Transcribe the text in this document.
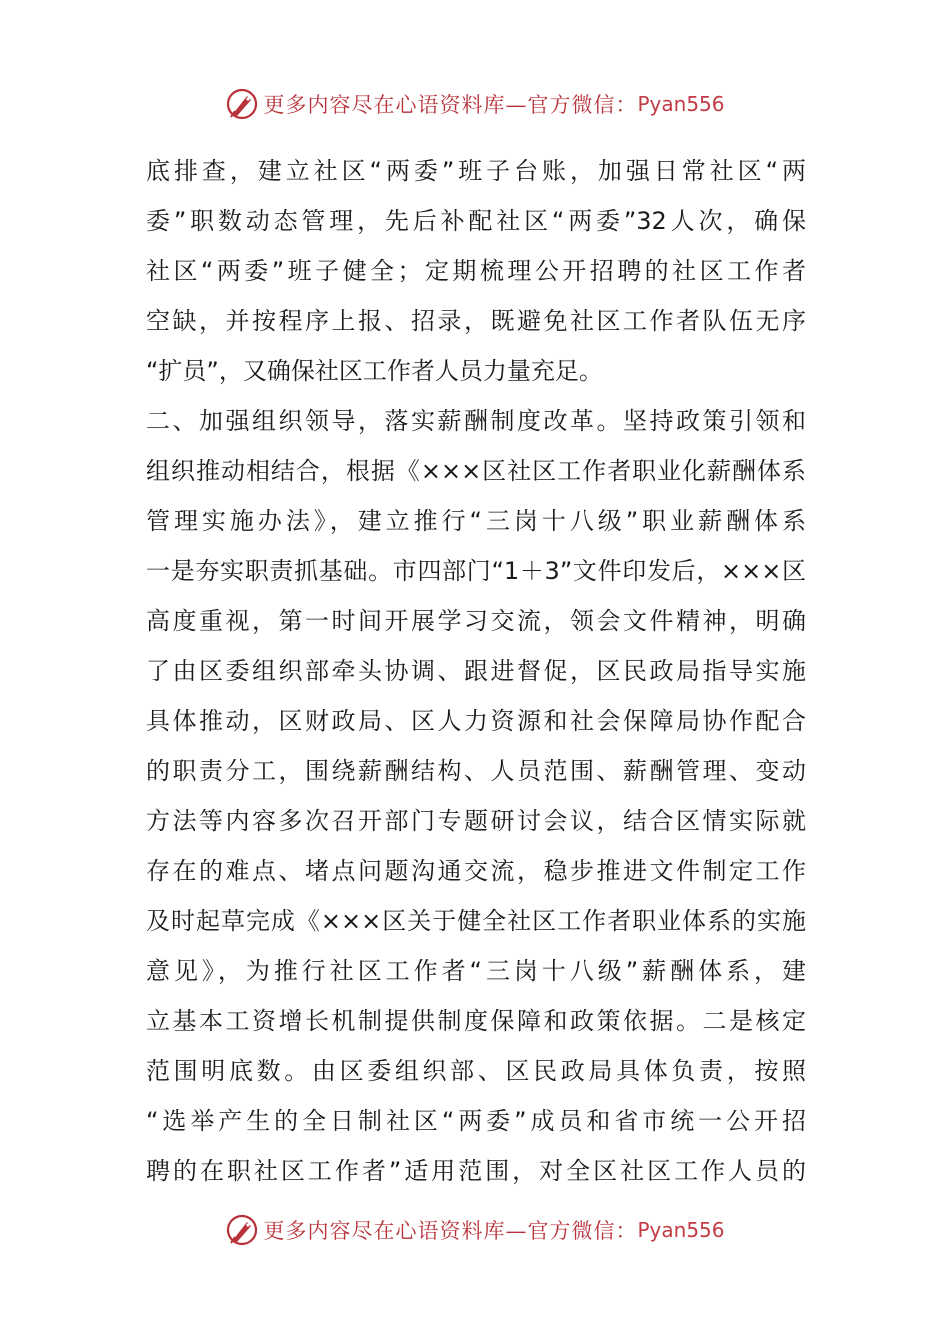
更多内容尽在心语资料库—官方微信： Pyan556
底排查，建立社区“两委”班子台账，加强日常社区“两
委”职数动态管理，先后补配社区“两委”32人次，确保
社区“两委”班子健全；定期梳理公开招聘的社区工作者
空缺，并按程序上报、招录，既避免社区工作者队伍无序
“扩员”，又确保社区工作者人员力量充足。
二、加强组织领导，落实薪酬制度改革。坚持政策引领和
组织推动相结合，根据《×××区社区工作者职业化薪酬体系
管理实施办法》，建立推行“三岗十八级”职业薪酬体系
一是夯实职责抓基础。市四部门“1＋3”文件印发后，×××区
高度重视，第一时间开展学习交流，领会文件精神，明确
了由区委组织部牵头协调、跟进督促，区民政局指导实施
具体推动，区财政局、区人力资源和社会保障局协作配合
的职责分工，围绕薪酬结构、人员范围、薪酬管理、变动
方法等内容多次召开部门专题研讨会议，结合区情实际就
存在的难点、堵点问题沟通交流，稳步推进文件制定工作
及时起草完成《×××区关于健全社区工作者职业体系的实施
意见》，为推行社区工作者“三岗十八级”薪酬体系，建
立基本工资增长机制提供制度保障和政策依据。二是核定
范围明底数。由区委组织部、区民政局具体负责，按照
“选举产生的全日制社区“两委”成员和省市统一公开招
聘的在职社区工作者”适用范围，对全区社区工作人员的
更多内容尽在心语资料库—官方微信： Pyan556
